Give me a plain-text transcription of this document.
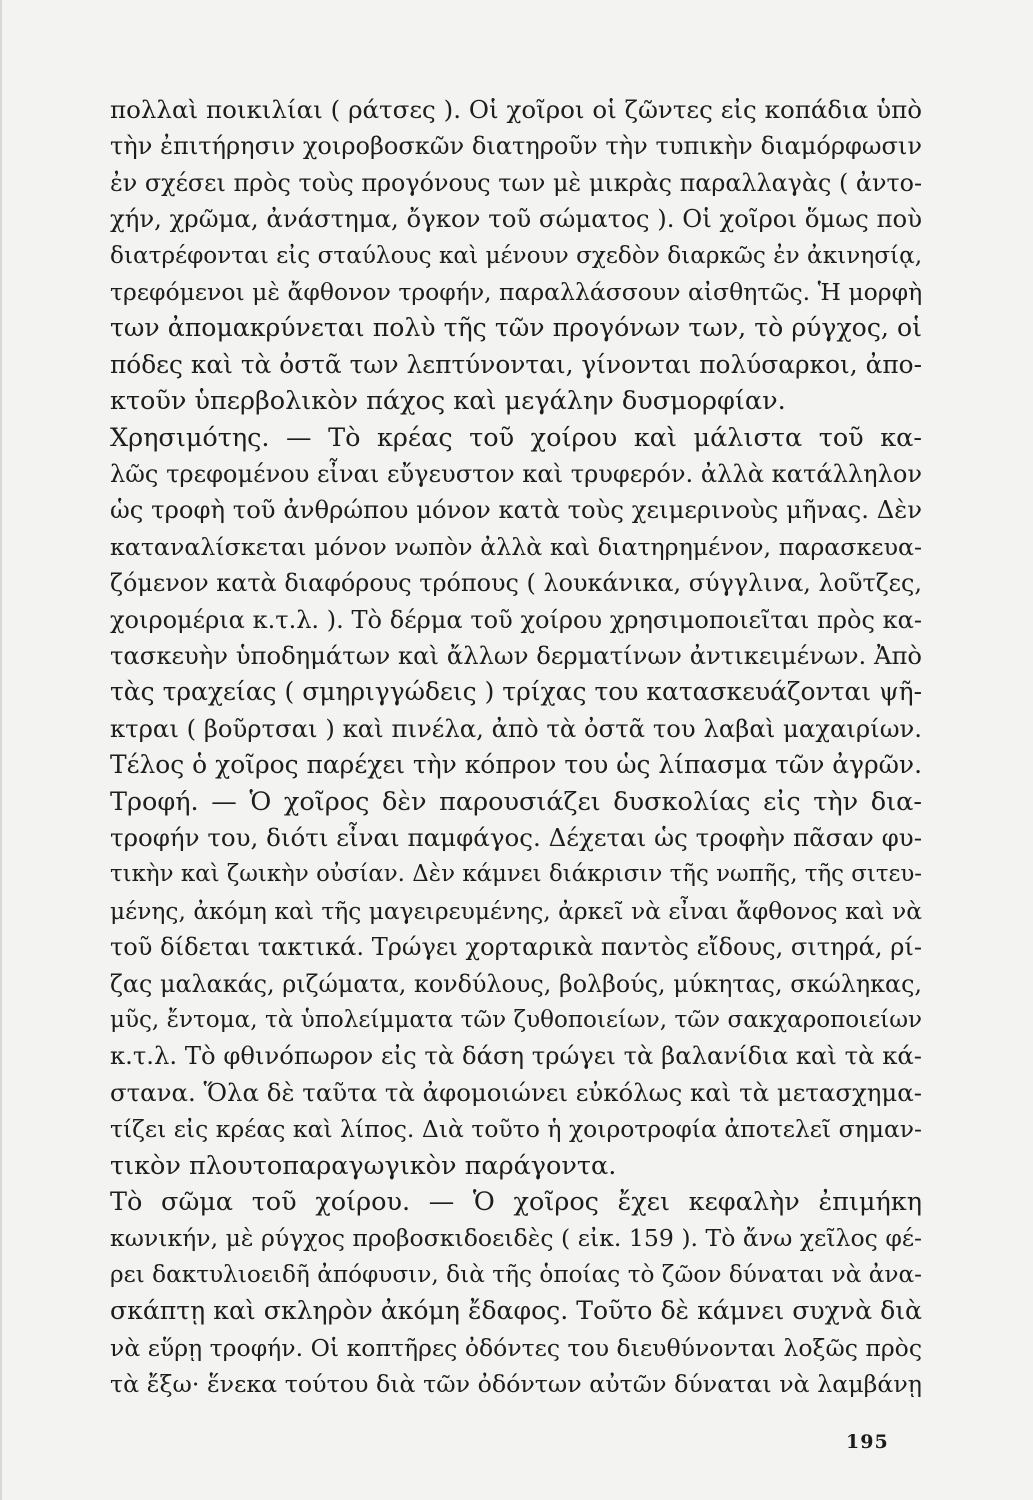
πολλαὶ ποικιλίαι ( ράτσες ). Οἱ χοῖροι οἱ ζῶντες εἰς κοπάδια ὑπὸ
τὴν ἐπιτήρησιν χοιροβοσκῶν διατηροῦν τὴν τυπικὴν διαμόρφωσιν
ἐν σχέσει πρὸς τοὺς προγόνους των μὲ μικρὰς παραλλαγὰς ( ἀντο-
χήν, χρῶμα, ἀνάστημα, ὄγκον τοῦ σώματος ). Οἱ χοῖροι ὅμως ποὺ
διατρέφονται εἰς σταύλους καὶ μένουν σχεδὸν διαρκῶς ἐν ἀκινησίᾳ,
τρεφόμενοι μὲ ἄφθονον τροφήν, παραλλάσσουν αἰσθητῶς. Ἡ μορφὴ
των ἀπομακρύνεται πολὺ τῆς τῶν προγόνων των, τὸ ρύγχος, οἱ
πόδες καὶ τὰ ὀστᾶ των λεπτύνονται, γίνονται πολύσαρκοι, ἀπο-
κτοῦν ὑπερβολικὸν πάχος καὶ μεγάλην δυσμορφίαν.
Χρησιμότης. — Τὸ κρέας τοῦ χοίρου καὶ μάλιστα τοῦ κα-
λῶς τρεφομένου εἶναι εὔγευστον καὶ τρυφερόν. ἀλλὰ κατάλληλον
ὡς τροφὴ τοῦ ἀνθρώπου μόνον κατὰ τοὺς χειμερινοὺς μῆνας. Δὲν
καταναλίσκεται μόνον νωπὸν ἀλλὰ καὶ διατηρημένον, παρασκευα-
ζόμενον κατὰ διαφόρους τρόπους ( λουκάνικα, σύγγλινα, λοῦτζες,
χοιρομέρια κ.τ.λ. ). Τὸ δέρμα τοῦ χοίρου χρησιμοποιεῖται πρὸς κα-
τασκευὴν ὑποδημάτων καὶ ἄλλων δερματίνων ἀντικειμένων. Ἀπὸ
τὰς τραχείας ( σμηριγγώδεις ) τρίχας του κατασκευάζονται ψῆ-
κτραι ( βοῦρτσαι ) καὶ πινέλα, ἀπὸ τὰ ὀστᾶ του λαβαὶ μαχαιρίων.
Τέλος ὁ χοῖρος παρέχει τὴν κόπρον του ὡς λίπασμα τῶν ἀγρῶν.
Τροφή. — Ὁ χοῖρος δὲν παρουσιάζει δυσκολίας εἰς τὴν δια-
τροφήν του, διότι εἶναι παμφάγος. Δέχεται ὡς τροφὴν πᾶσαν φυ-
τικὴν καὶ ζωικὴν οὐσίαν. Δὲν κάμνει διάκρισιν τῆς νωπῆς, τῆς σιτευ-
μένης, ἀκόμη καὶ τῆς μαγειρευμένης, ἀρκεῖ νὰ εἶναι ἄφθονος καὶ νὰ
τοῦ δίδεται τακτικά. Τρώγει χορταρικὰ παντὸς εἴδους, σιτηρά, ρί-
ζας μαλακάς, ριζώματα, κονδύλους, βολβούς, μύκητας, σκώληκας,
μῦς, ἔντομα, τὰ ὑπολείμματα τῶν ζυθοποιείων, τῶν σακχαροποιείων
κ.τ.λ. Τὸ φθινόπωρον εἰς τὰ δάση τρώγει τὰ βαλανίδια καὶ τὰ κά-
στανα. Ὅλα δὲ ταῦτα τὰ ἀφομοιώνει εὐκόλως καὶ τὰ μετασχημα-
τίζει εἰς κρέας καὶ λίπος. Διὰ τοῦτο ἡ χοιροτροφία ἀποτελεῖ σημαν-
τικὸν πλουτοπαραγωγικὸν παράγοντα.
Τὸ σῶμα τοῦ χοίρου. — Ὁ χοῖρος ἔχει κεφαλὴν ἐπιμήκη
κωνικήν, μὲ ρύγχος προβοσκιδοειδὲς ( εἰκ. 159 ). Τὸ ἄνω χεῖλος φέ-
ρει δακτυλιοειδῆ ἀπόφυσιν, διὰ τῆς ὁποίας τὸ ζῶον δύναται νὰ ἀνα-
σκάπτῃ καὶ σκληρὸν ἀκόμη ἔδαφος. Τοῦτο δὲ κάμνει συχνὰ διὰ
νὰ εὕρῃ τροφήν. Οἱ κοπτῆρες ὀδόντες του διευθύνονται λοξῶς πρὸς
τὰ ἔξω· ἕνεκα τούτου διὰ τῶν ὀδόντων αὐτῶν δύναται νὰ λαμβάνῃ
195
